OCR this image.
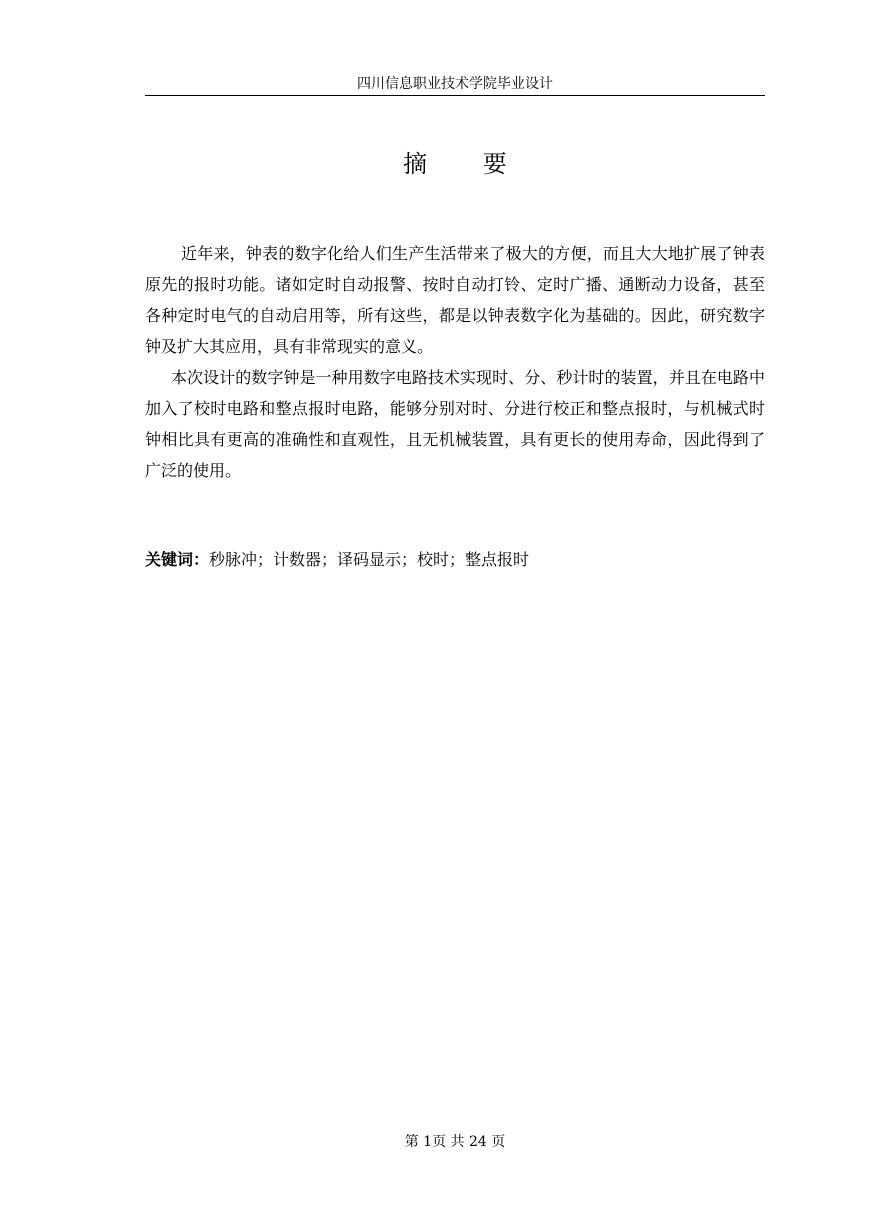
四川信息职业技术学院毕业设计
摘 要

近年来，钟表的数字化给人们生产生活带来了极大的方便，而且大大地扩展了钟表原先的报时功能。诸如定时自动报警、按时自动打铃、定时广播、通断动力设备，甚至各种定时电气的自动启用等，所有这些，都是以钟表数字化为基础的。因此，研究数字钟及扩大其应用，具有非常现实的意义。

本次设计的数字钟是一种用数字电路技术实现时、分、秒计时的装置，并且在电路中加入了校时电路和整点报时电路，能够分别对时、分进行校正和整点报时，与机械式时钟相比具有更高的准确性和直观性，且无机械装置，具有更长的使用寿命，因此得到了广泛的使用。

关键词：秒脉冲；计数器；译码显示；校时；整点报时
第 1页 共 24 页
